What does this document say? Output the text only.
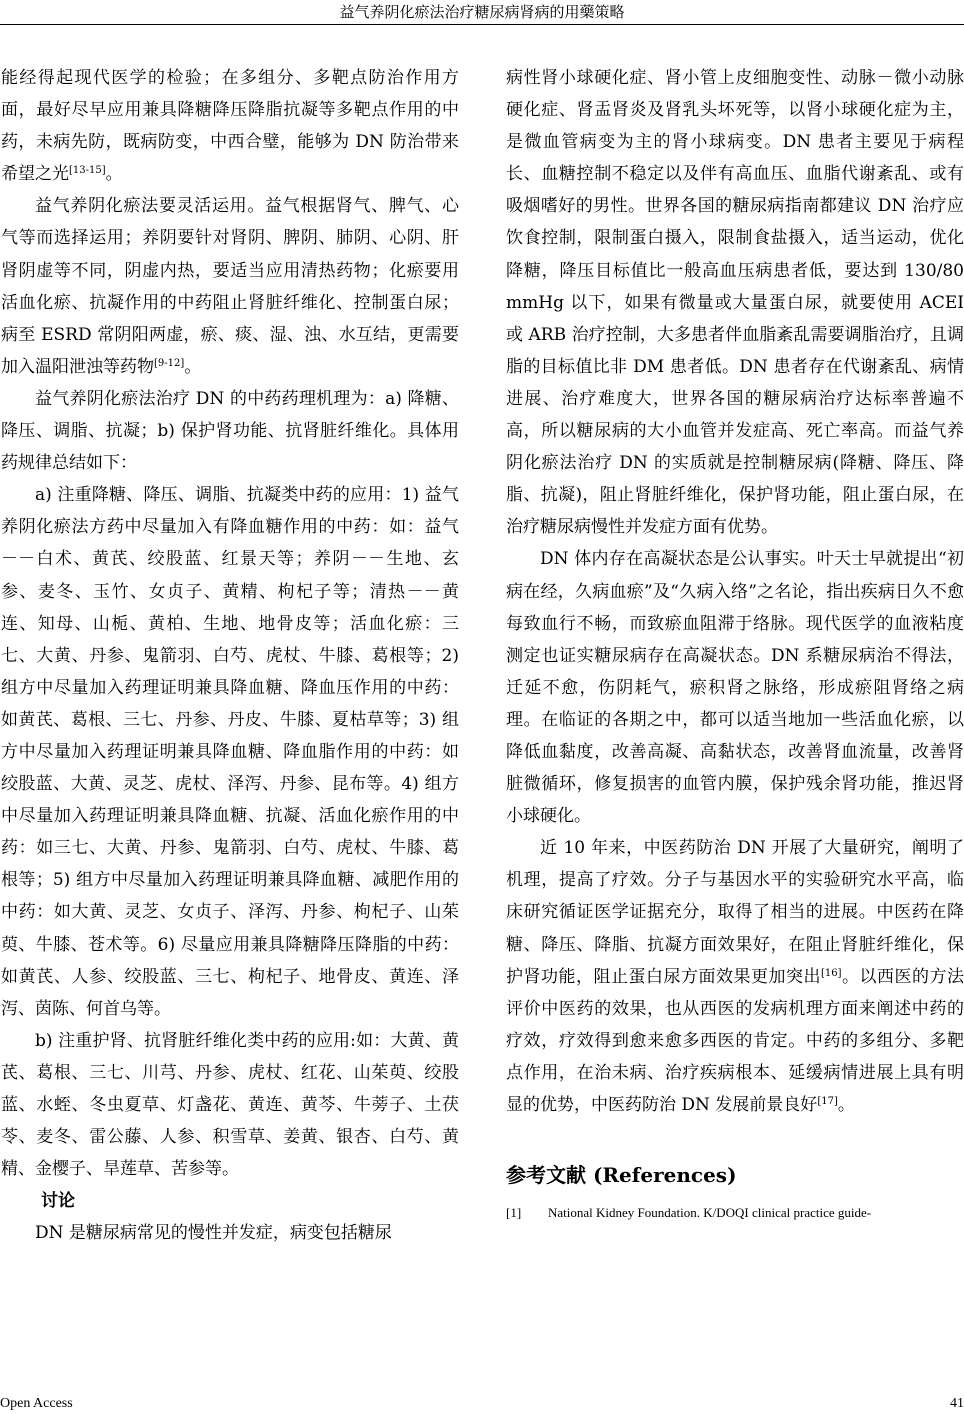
益气养阴化瘀法治疗糖尿病肾病的用藥策略

能经得起现代医学的检验；在多组分、多靶点防治作用方面，最好尽早应用兼具降糖降压降脂抗凝等多靶点作用的中药，未病先防，既病防变，中西合璧，能够为 DN 防治带来希望之光[13-15]。

益气养阴化瘀法要灵活运用。益气根据肾气、脾气、心气等而选择运用；养阴要针对肾阴、脾阴、肺阴、心阴、肝肾阴虚等不同，阴虚内热，要适当应用清热药物；化瘀要用活血化瘀、抗凝作用的中药阻止肾脏纤维化、控制蛋白尿；病至 ESRD 常阴阳两虚，瘀、痰、湿、浊、水互结，更需要加入温阳泄浊等药物[9-12]。

益气养阴化瘀法治疗 DN 的中药药理机理为：a) 降糖、降压、调脂、抗凝；b) 保护肾功能、抗肾脏纤维化。具体用药规律总结如下：

a) 注重降糖、降压、调脂、抗凝类中药的应用：1) 益气养阴化瘀法方药中尽量加入有降血糖作用的中药：如：益气－－白术、黄芪、绞股蓝、红景天等；养阴－－生地、玄参、麦冬、玉竹、女贞子、黄精、枸杞子等；清热－－黄连、知母、山栀、黄柏、生地、地骨皮等；活血化瘀：三七、大黄、丹参、鬼箭羽、白芍、虎杖、牛膝、葛根等；2) 组方中尽量加入药理证明兼具降血糖、降血压作用的中药：如黄芪、葛根、三七、丹参、丹皮、牛膝、夏枯草等；3) 组方中尽量加入药理证明兼具降血糖、降血脂作用的中药：如绞股蓝、大黄、灵芝、虎杖、泽泻、丹参、昆布等。4) 组方中尽量加入药理证明兼具降血糖、抗凝、活血化瘀作用的中药：如三七、大黄、丹参、鬼箭羽、白芍、虎杖、牛膝、葛根等；5) 组方中尽量加入药理证明兼具降血糖、减肥作用的中药：如大黄、灵芝、女贞子、泽泻、丹参、枸杞子、山茱萸、牛膝、苍术等。6) 尽量应用兼具降糖降压降脂的中药：如黄芪、人参、绞股蓝、三七、枸杞子、地骨皮、黄连、泽泻、茵陈、何首乌等。

b) 注重护肾、抗肾脏纤维化类中药的应用:如：大黄、黄芪、葛根、三七、川芎、丹参、虎杖、红花、山茱萸、绞股蓝、水蛭、冬虫夏草、灯盏花、黄连、黄芩、牛蒡子、土茯苓、麦冬、雷公藤、人参、积雪草、姜黄、银杏、白芍、黄精、金樱子、旱莲草、苦参等。

讨论

DN 是糖尿病常见的慢性并发症，病变包括糖尿

病性肾小球硬化症、肾小管上皮细胞变性、动脉－微小动脉硬化症、肾盂肾炎及肾乳头坏死等，以肾小球硬化症为主，是微血管病变为主的肾小球病变。DN 患者主要见于病程长、血糖控制不稳定以及伴有高血压、血脂代谢紊乱、或有吸烟嗜好的男性。世界各国的糖尿病指南都建议 DN 治疗应饮食控制，限制蛋白摄入，限制食盐摄入，适当运动，优化降糖，降压目标值比一般高血压病患者低，要达到 130/80 mmHg 以下，如果有微量或大量蛋白尿，就要使用 ACEI 或 ARB 治疗控制，大多患者伴血脂紊乱需要调脂治疗，且调脂的目标值比非 DM 患者低。DN 患者存在代谢紊乱、病情进展、治疗难度大，世界各国的糖尿病治疗达标率普遍不高，所以糖尿病的大小血管并发症高、死亡率高。而益气养阴化瘀法治疗 DN 的实质就是控制糖尿病(降糖、降压、降脂、抗凝)，阻止肾脏纤维化，保护肾功能，阻止蛋白尿，在治疗糖尿病慢性并发症方面有优势。

DN 体内存在高凝状态是公认事实。叶天士早就提出“初病在经，久病血瘀”及“久病入络”之名论，指出疾病日久不愈每致血行不畅，而致瘀血阻滞于络脉。现代医学的血液粘度测定也证实糖尿病存在高凝状态。DN 系糖尿病治不得法，迁延不愈，伤阴耗气，瘀积肾之脉络，形成瘀阻肾络之病理。在临证的各期之中，都可以适当地加一些活血化瘀，以降低血黏度，改善高凝、高黏状态，改善肾血流量，改善肾脏微循环，修复损害的血管内膜，保护残余肾功能，推迟肾小球硬化。

近 10 年来，中医药防治 DN 开展了大量研究，阐明了机理，提高了疗效。分子与基因水平的实验研究水平高，临床研究循证医学证据充分，取得了相当的进展。中医药在降糖、降压、降脂、抗凝方面效果好，在阻止肾脏纤维化，保护肾功能，阻止蛋白尿方面效果更加突出[16]。以西医的方法评价中医药的效果，也从西医的发病机理方面来阐述中药的疗效，疗效得到愈来愈多西医的肯定。中药的多组分、多靶点作用，在治未病、治疗疾病根本、延缓病情进展上具有明显的优势，中医药防治 DN 发展前景良好[17]。

参考文献 (References)

[1]	National Kidney Foundation. K/DOQI clinical practice guide-
Open Access	41
